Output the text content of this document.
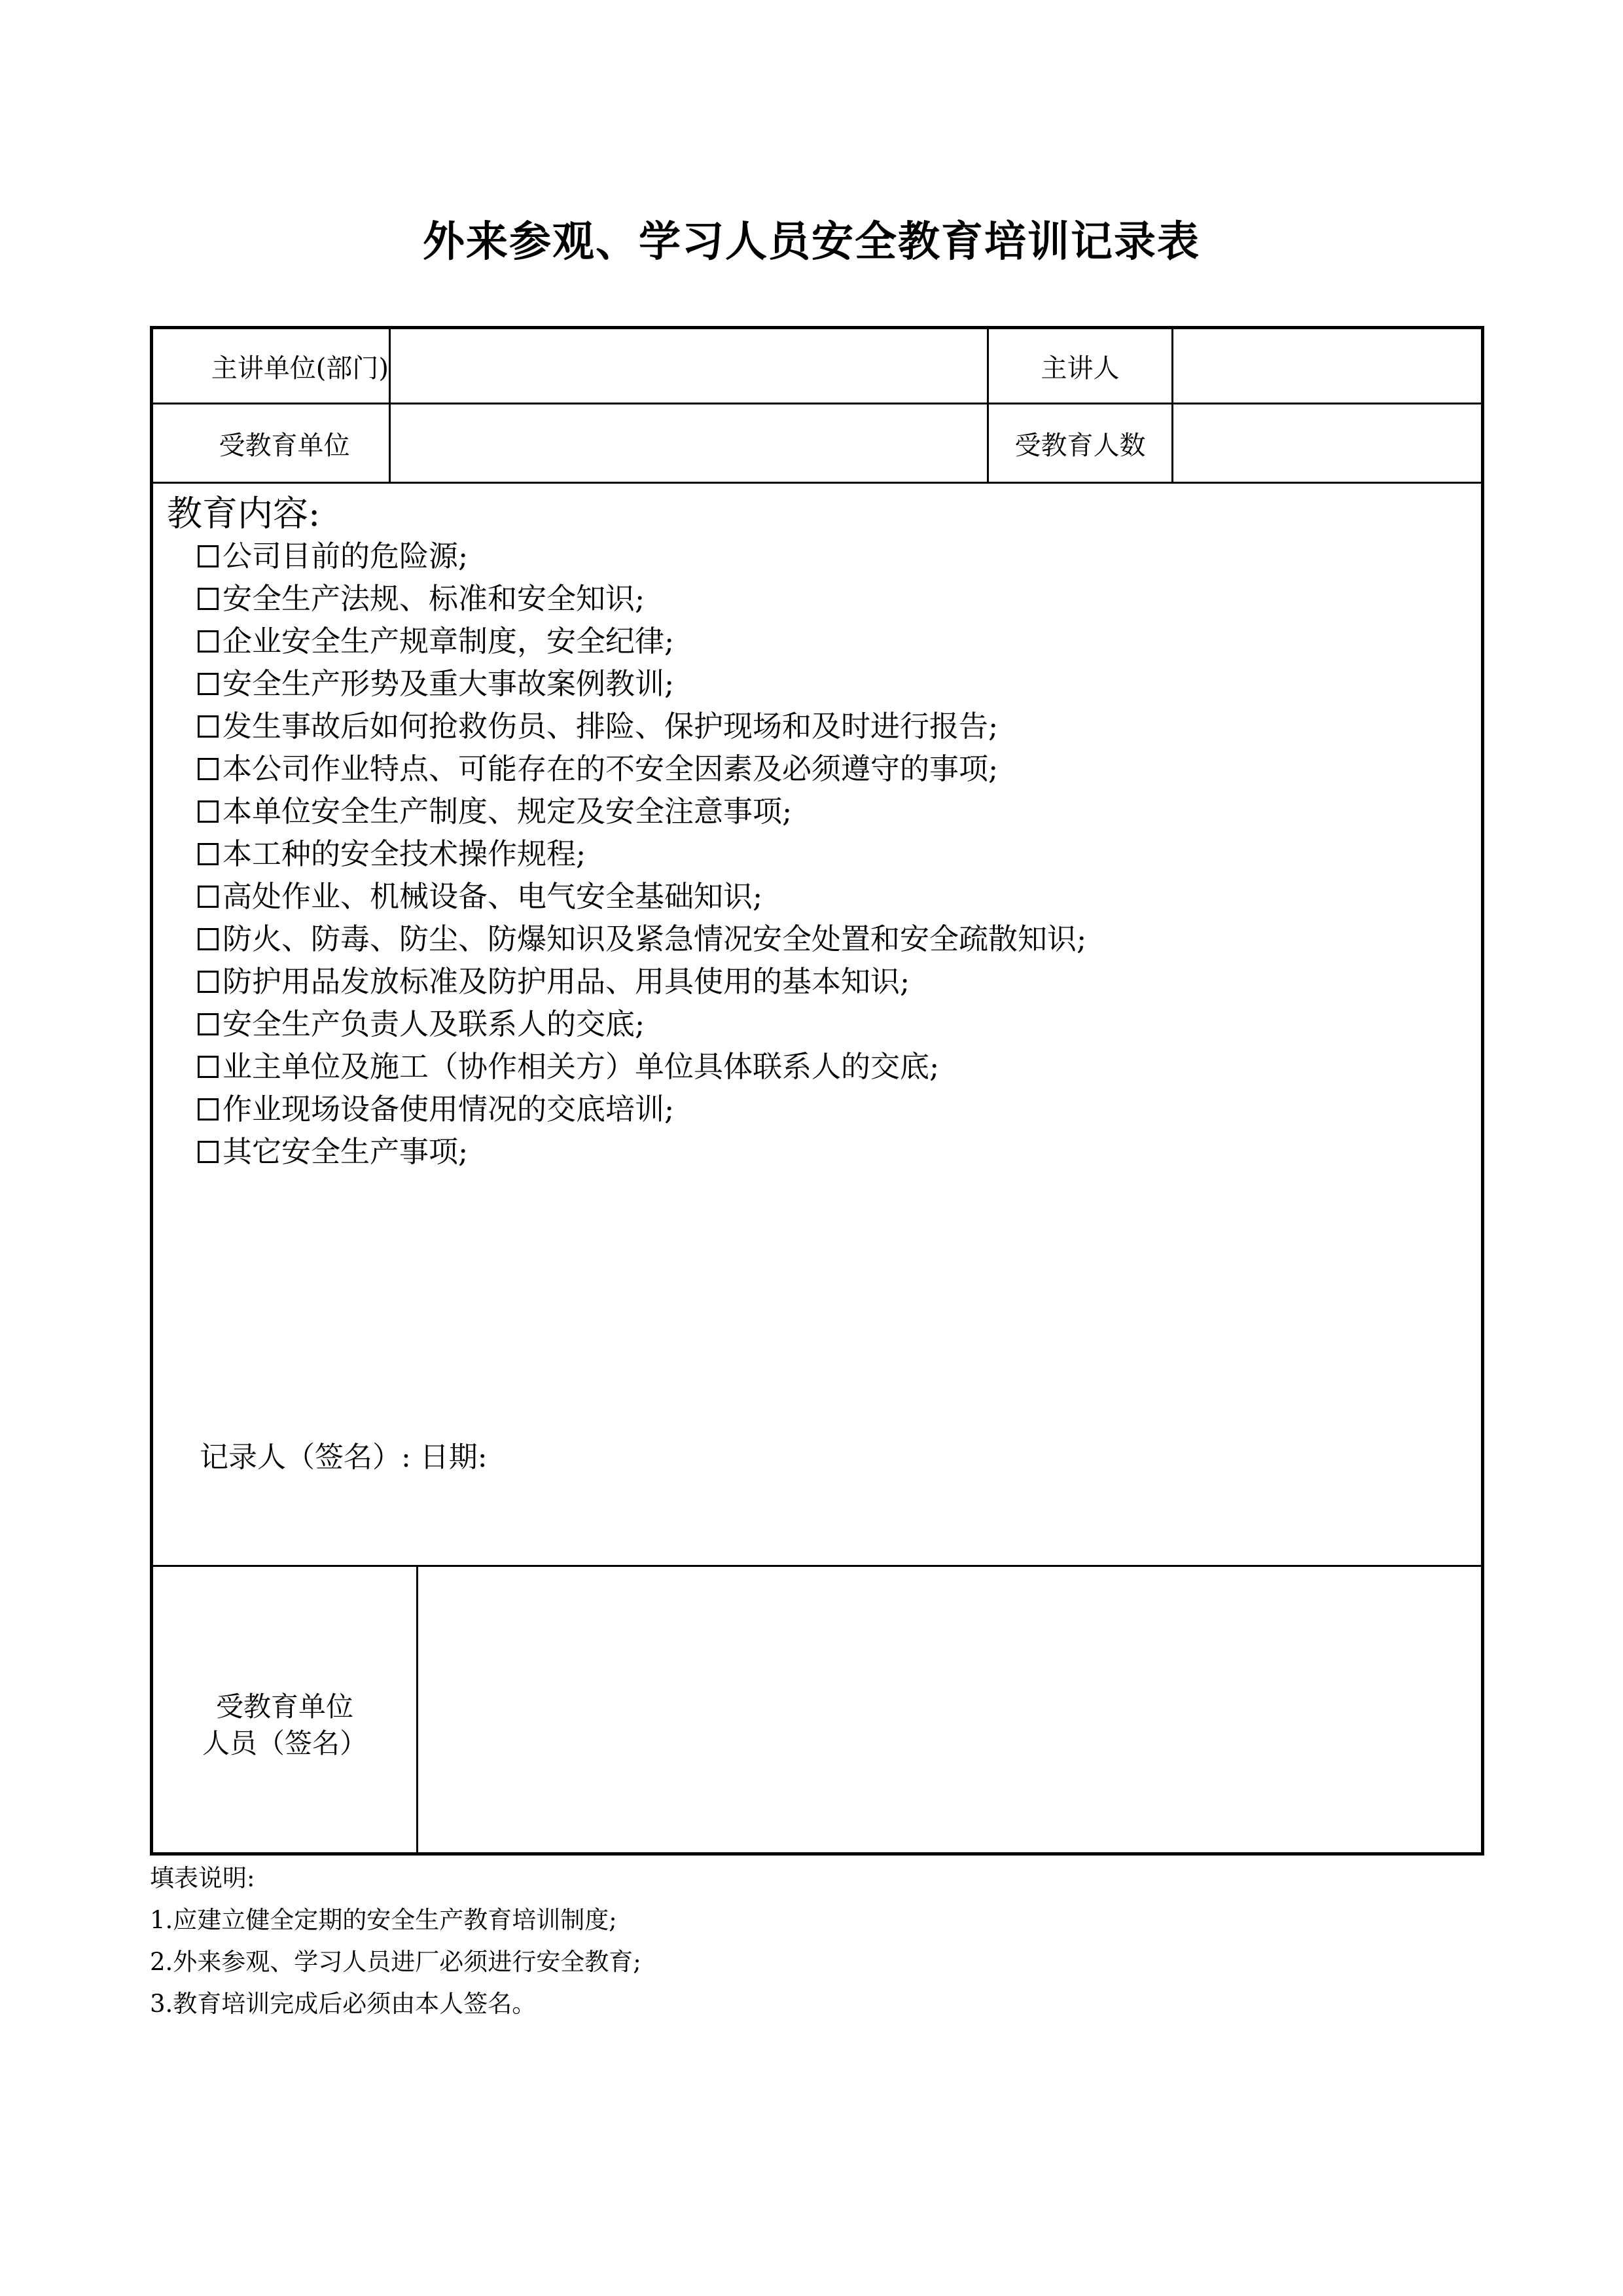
外来参观、学习人员安全教育培训记录表
主讲单位(部门)	主讲人
受教育单位	受教育人数
教育内容:
公司目前的危险源;
安全生产法规、标准和安全知识;
企业安全生产规章制度，安全纪律;
安全生产形势及重大事故案例教训;
发生事故后如何抢救伤员、排险、保护现场和及时进行报告;
本公司作业特点、可能存在的不安全因素及必须遵守的事项;
本单位安全生产制度、规定及安全注意事项;
本工种的安全技术操作规程;
高处作业、机械设备、电气安全基础知识;
防火、防毒、防尘、防爆知识及紧急情况安全处置和安全疏散知识;
防护用品发放标准及防护用品、用具使用的基本知识;
安全生产负责人及联系人的交底;
业主单位及施工（协作相关方）单位具体联系人的交底;
作业现场设备使用情况的交底培训;
其它安全生产事项;
记录人（签名）: 日期:
受教育单位
人员（签名）
填表说明:
1.应建立健全定期的安全生产教育培训制度;
2.外来参观、学习人员进厂必须进行安全教育;
3.教育培训完成后必须由本人签名。
